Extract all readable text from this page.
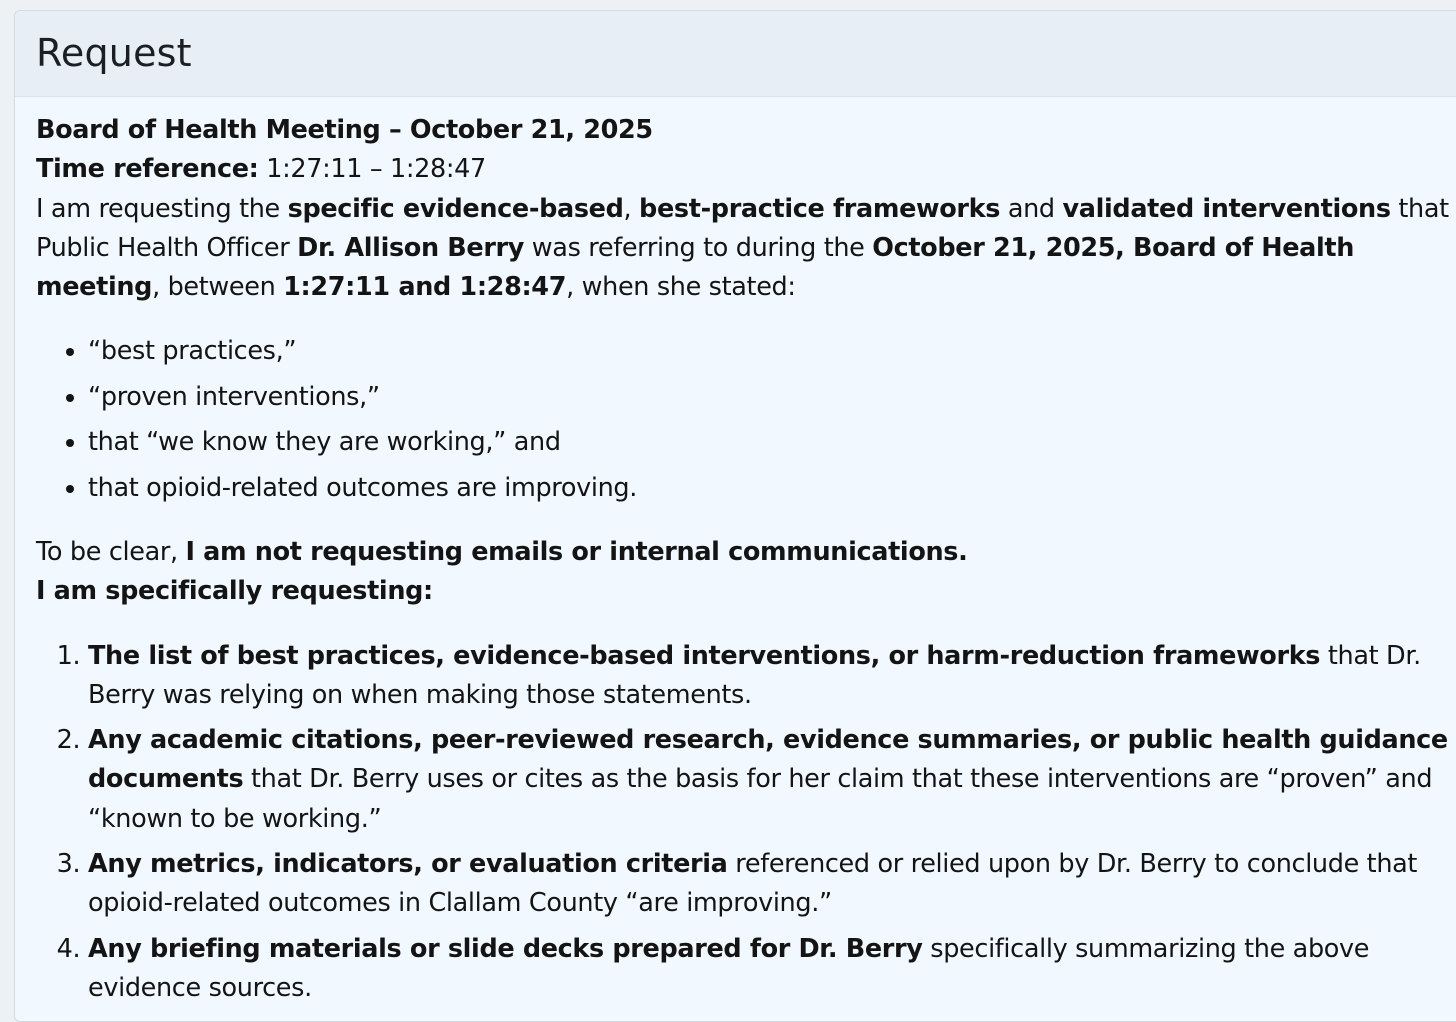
Request

Board of Health Meeting – October 21, 2025

Time reference: 1:27:11 – 1:28:47

I am requesting the specific evidence-based, best-practice frameworks and validated interventions that Public Health Officer Dr. Allison Berry was referring to during the October 21, 2025, Board of Health meeting, between 1:27:11 and 1:28:47, when she stated:

• “best practices,”
• “proven interventions,”
• that “we know they are working,” and
• that opioid-related outcomes are improving.

To be clear, I am not requesting emails or internal communications.

I am specifically requesting:

1. The list of best practices, evidence-based interventions, or harm-reduction frameworks that Dr. Berry was relying on when making those statements.
2. Any academic citations, peer-reviewed research, evidence summaries, or public health guidance documents that Dr. Berry uses or cites as the basis for her claim that these interventions are “proven” and “known to be working.”
3. Any metrics, indicators, or evaluation criteria referenced or relied upon by Dr. Berry to conclude that opioid-related outcomes in Clallam County “are improving.”
4. Any briefing materials or slide decks prepared for Dr. Berry specifically summarizing the above evidence sources.
